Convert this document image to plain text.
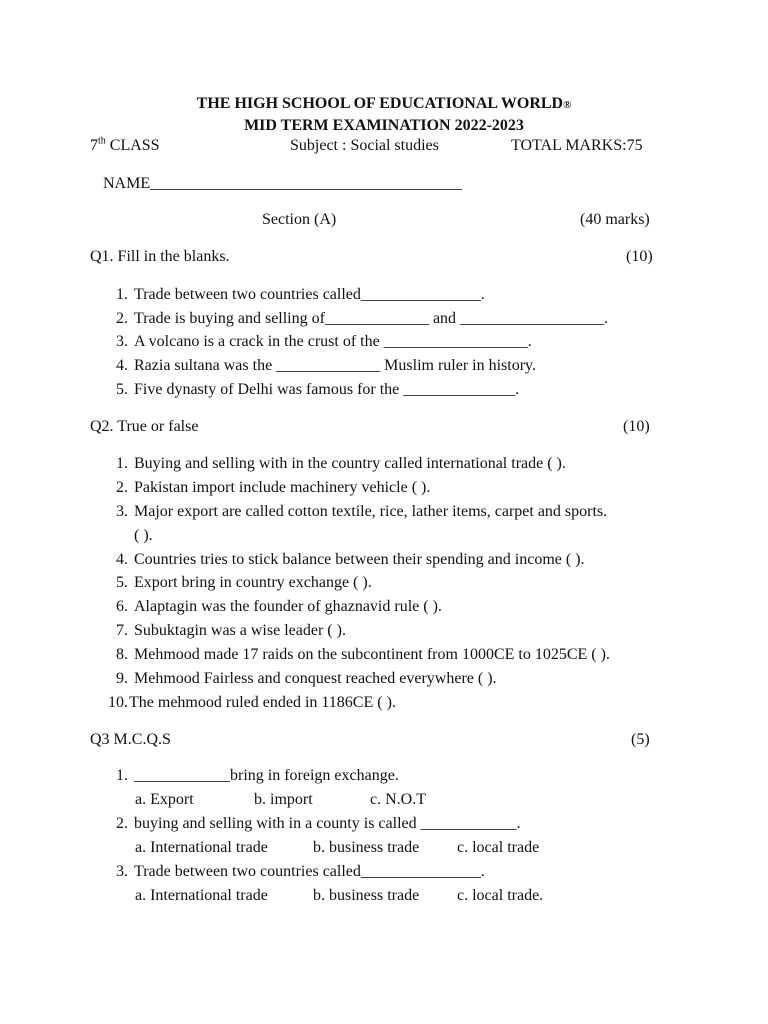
THE HIGH SCHOOL OF EDUCATIONAL WORLD®
MID TERM EXAMINATION 2022-2023
7th CLASS	Subject : Social studies	TOTAL MARKS:75
NAME_______________________________________
Section (A)	(40 marks)
Q1. Fill in the blanks.	(10)
1. Trade between two countries called_______________.
2. Trade is buying and selling of_____________ and __________________.
3. A volcano is a crack in the crust of the __________________.
4. Razia sultana was the _____________ Muslim ruler in history.
5. Five dynasty of Delhi was famous for the ______________.
Q2. True or false	(10)
1. Buying and selling with in the country called international trade ( ).
2. Pakistan import include machinery vehicle ( ).
3. Major export are called cotton textile, rice, lather items, carpet and sports.
( ).
4. Countries tries to stick balance between their spending and income ( ).
5. Export bring in country exchange ( ).
6. Alaptagin was the founder of ghaznavid rule ( ).
7. Subuktagin was a wise leader ( ).
8. Mehmood made 17 raids on the subcontinent from 1000CE to 1025CE ( ).
9. Mehmood Fairless and conquest reached everywhere ( ).
10.The mehmood ruled ended in 1186CE ( ).
Q3 M.C.Q.S	(5)
1. ____________bring in foreign exchange.
a. Export	b. import	c. N.O.T
2. buying and selling with in a county is called ____________.
a. International trade	b. business trade c. local trade
3. Trade between two countries called_______________.
a. International trade	b. business trade c. local trade.
